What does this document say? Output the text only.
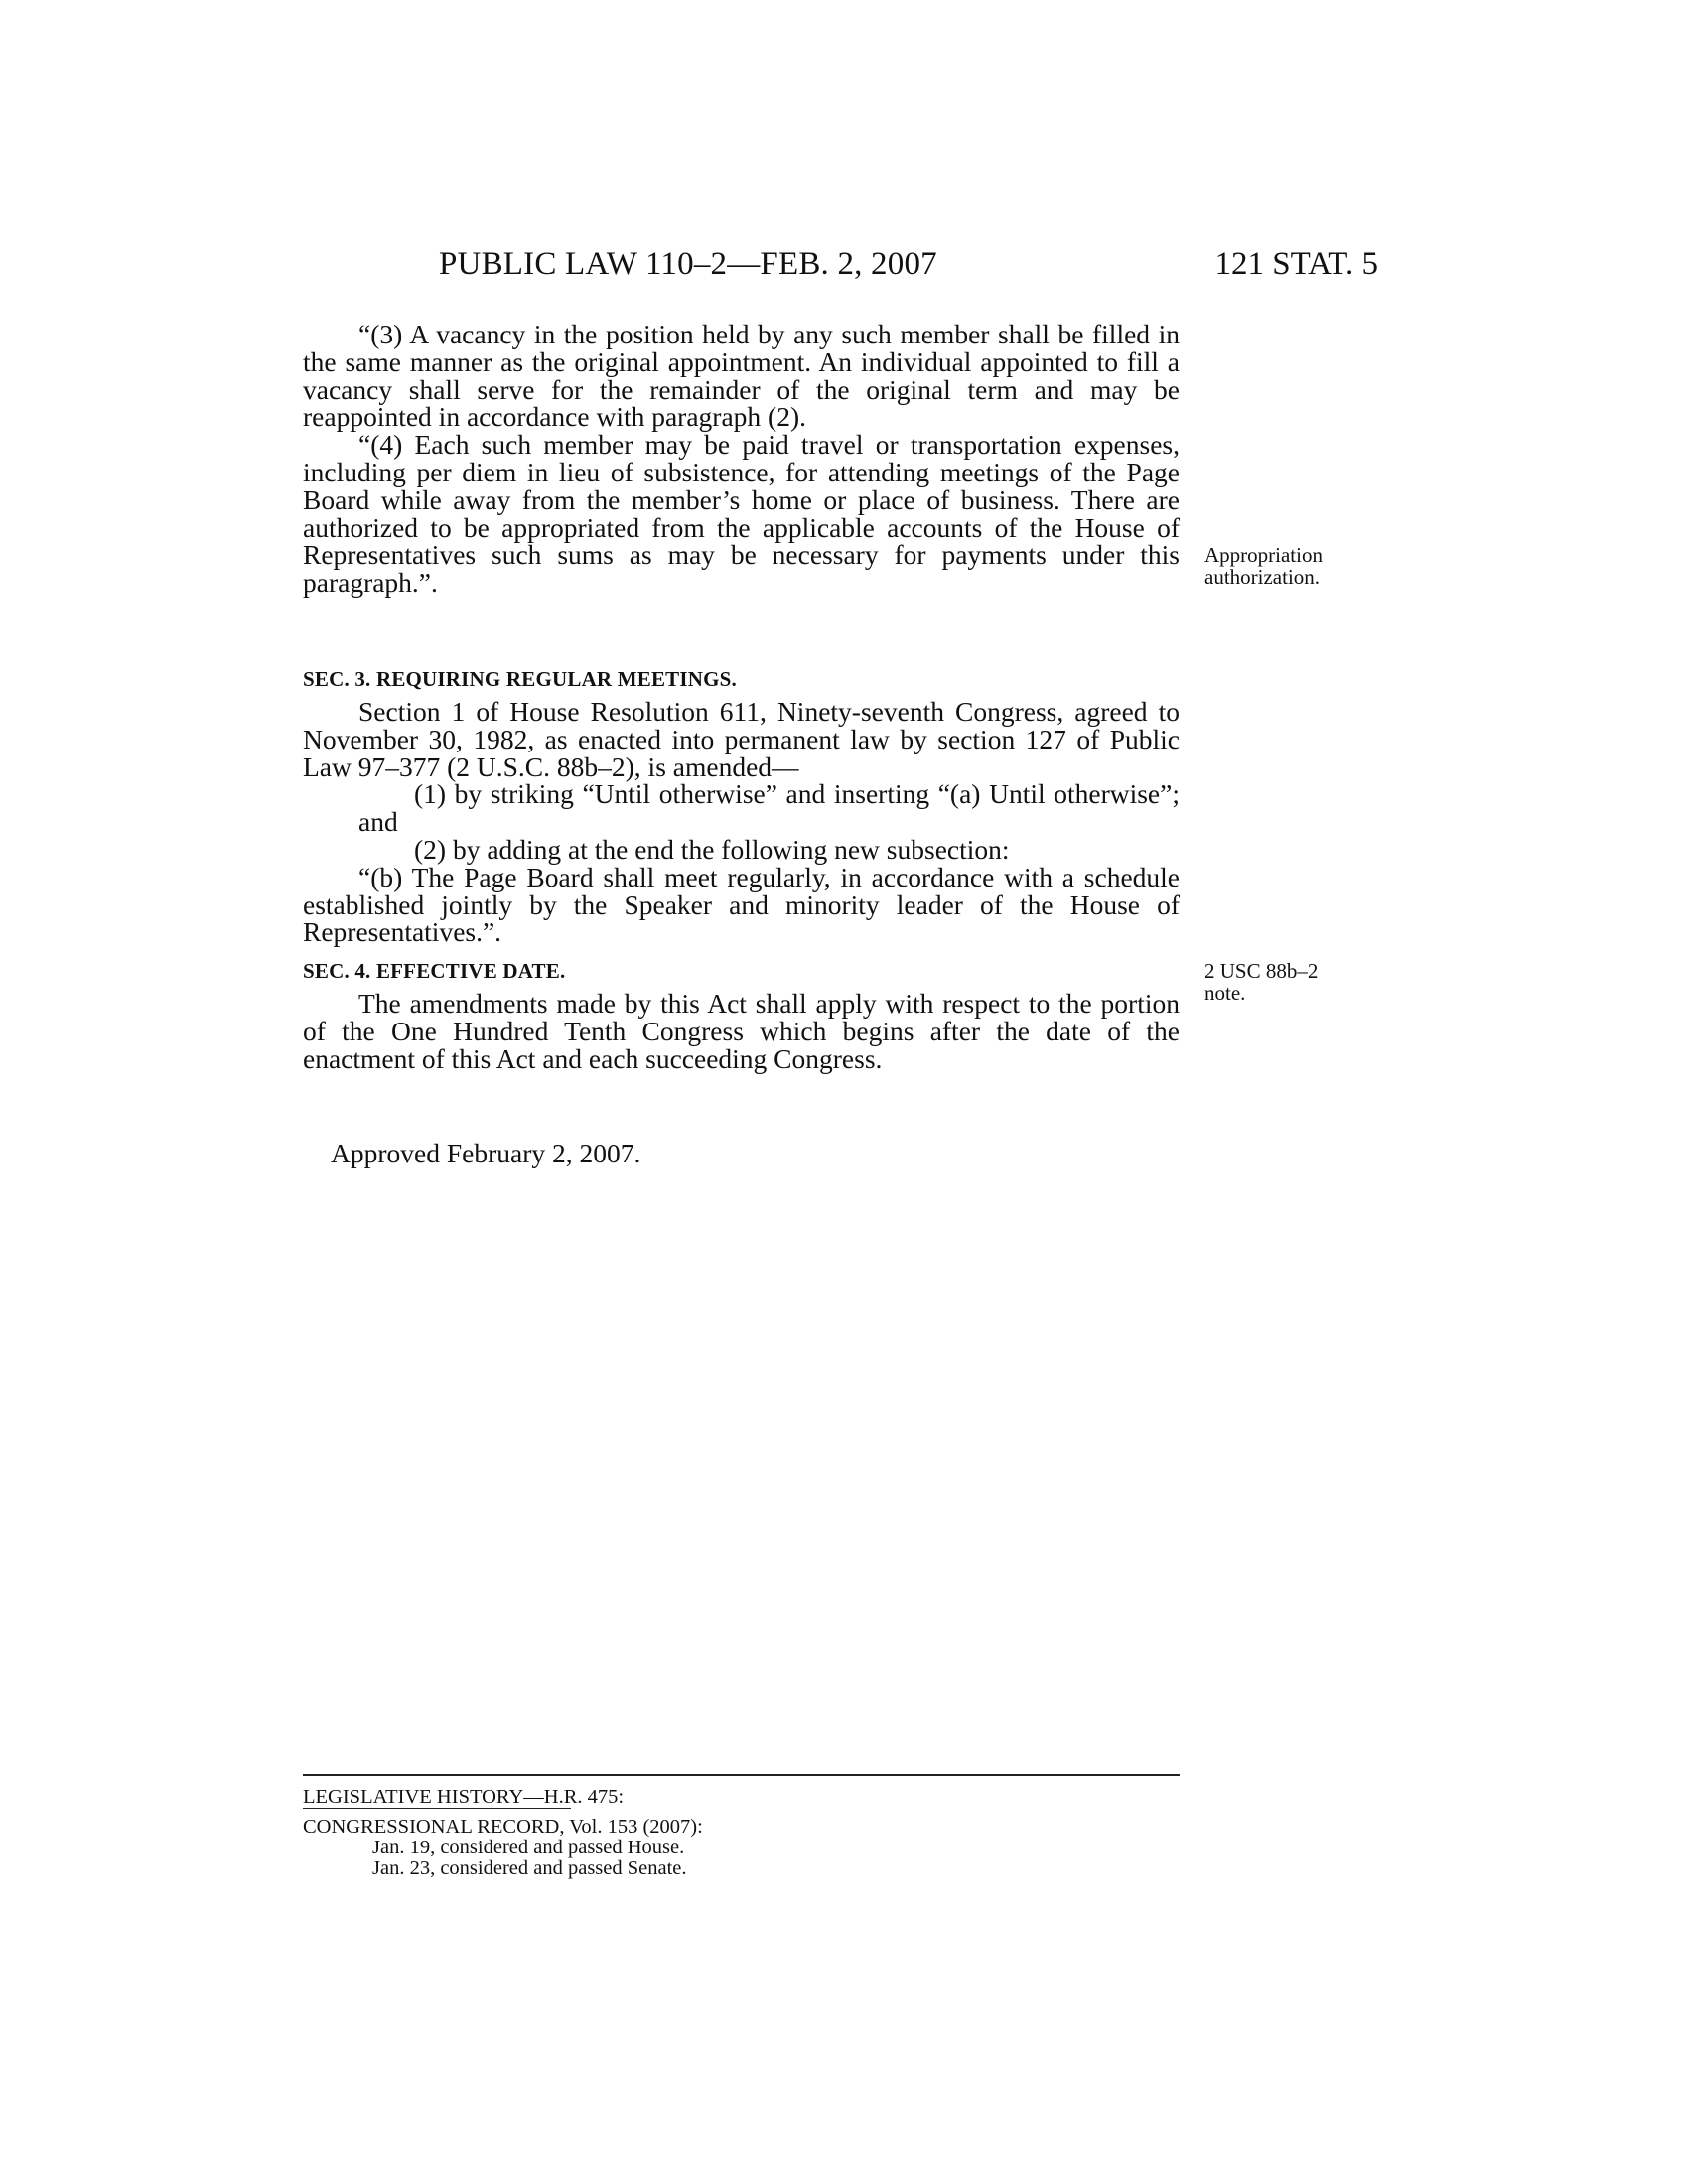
PUBLIC LAW 110–2—FEB. 2, 2007	121 STAT. 5

“(3) A vacancy in the position held by any such member shall be filled in the same manner as the original appointment. An individual appointed to fill a vacancy shall serve for the remainder of the original term and may be reappointed in accordance with paragraph (2).

“(4) Each such member may be paid travel or transportation expenses, including per diem in lieu of subsistence, for attending meetings of the Page Board while away from the member’s home or place of business. There are authorized to be appropriated from the applicable accounts of the House of Representatives such sums as may be necessary for payments under this paragraph.”.

Appropriation authorization.
SEC. 3. REQUIRING REGULAR MEETINGS.

Section 1 of House Resolution 611, Ninety-seventh Congress, agreed to November 30, 1982, as enacted into permanent law by section 127 of Public Law 97–377 (2 U.S.C. 88b–2), is amended—

(1) by striking “Until otherwise” and inserting “(a) Until otherwise”; and

(2) by adding at the end the following new subsection:

“(b) The Page Board shall meet regularly, in accordance with a schedule established jointly by the Speaker and minority leader of the House of Representatives.”.

SEC. 4. EFFECTIVE DATE.	2 USC 88b–2 note.

The amendments made by this Act shall apply with respect to the portion of the One Hundred Tenth Congress which begins after the date of the enactment of this Act and each succeeding Congress.

Approved February 2, 2007.
LEGISLATIVE HISTORY—H.R. 475:
CONGRESSIONAL RECORD, Vol. 153 (2007):
Jan. 19, considered and passed House.
Jan. 23, considered and passed Senate.
